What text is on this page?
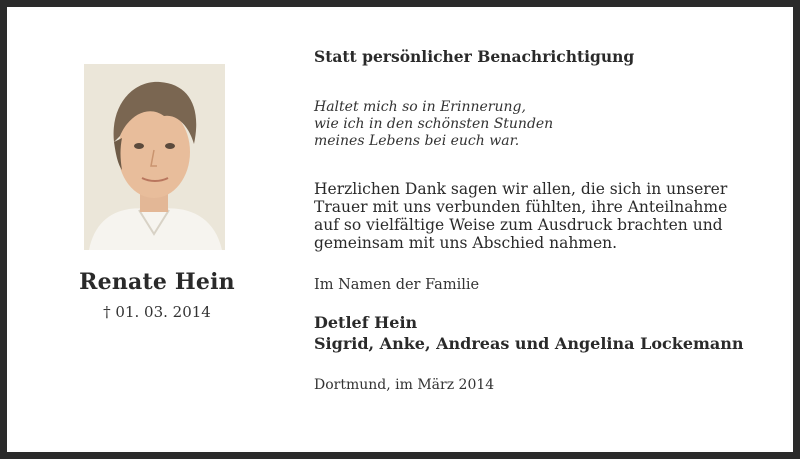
Renate Hein
† 01. 03. 2014
Statt persönlicher Benachrichtigung
Haltet mich so in Erinnerung,
wie ich in den schönsten Stunden
meines Lebens bei euch war.
Herzlichen Dank sagen wir allen, die sich in unserer
Trauer mit uns verbunden fühlten, ihre Anteilnahme
auf so vielfältige Weise zum Ausdruck brachten und
gemeinsam mit uns Abschied nahmen.
Im Namen der Familie
Detlef Hein
Sigrid, Anke, Andreas und Angelina Lockemann
Dortmund, im März 2014
